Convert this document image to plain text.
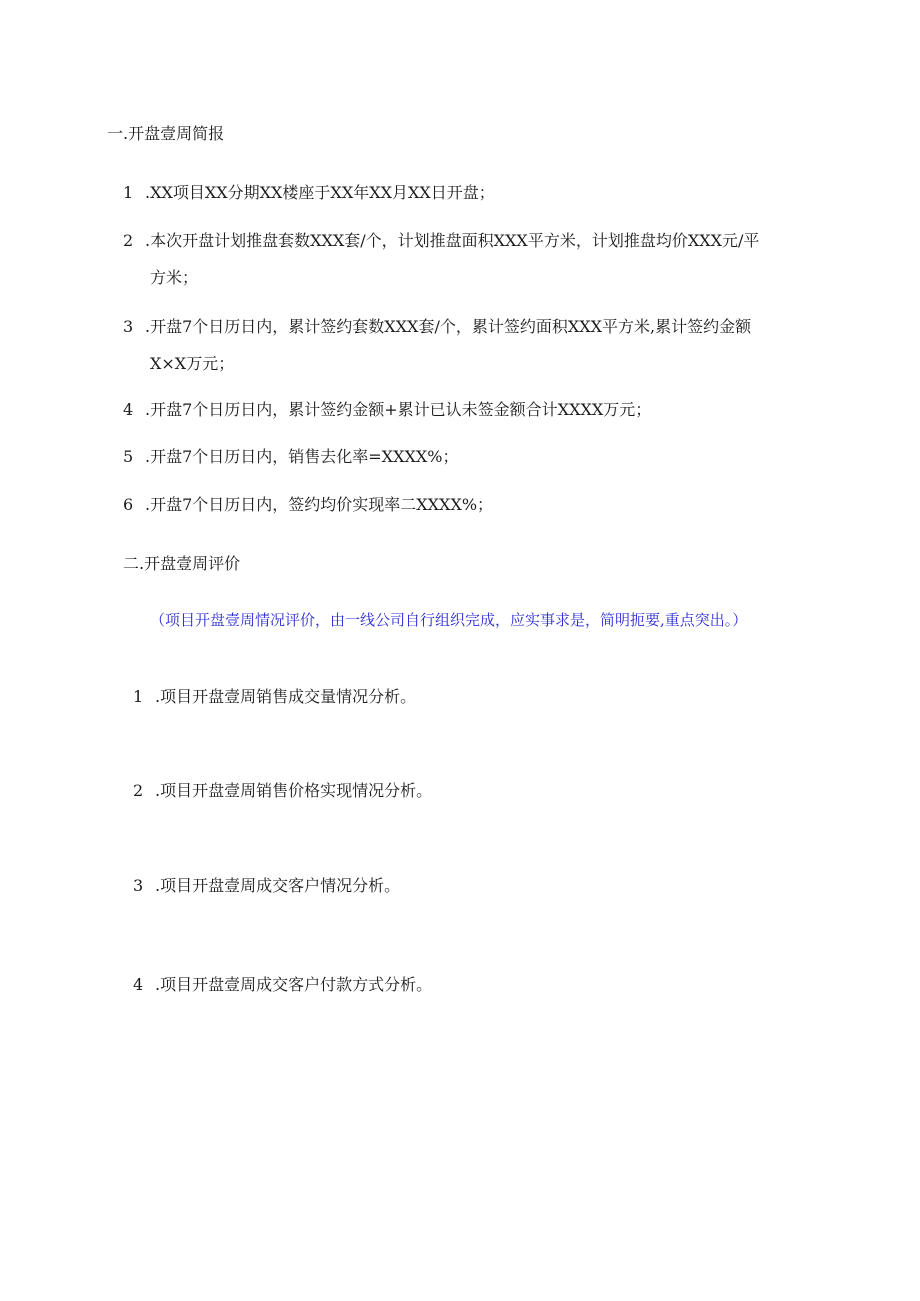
一.开盘壹周简报
1 .XX项目XX分期XX楼座于XX年XX月XX日开盘；
2 .本次开盘计划推盘套数XXX套/个，计划推盘面积XXX平方米，计划推盘均价XXX元/平
方米；
3 .开盘7个日历日内，累计签约套数XXX套/个，累计签约面积XXX平方米,累计签约金额
X×X万元；
4 .开盘7个日历日内，累计签约金额+累计已认未签金额合计XXXX万元；
5 .开盘7个日历日内，销售去化率=XXXX%；
6 .开盘7个日历日内，签约均价实现率二XXXX%；
二.开盘壹周评价
（项目开盘壹周情况评价，由一线公司自行组织完成，应实事求是，简明扼要,重点突出。）
1 .项目开盘壹周销售成交量情况分析。
2 .项目开盘壹周销售价格实现情况分析。
3 .项目开盘壹周成交客户情况分析。
4 .项目开盘壹周成交客户付款方式分析。
